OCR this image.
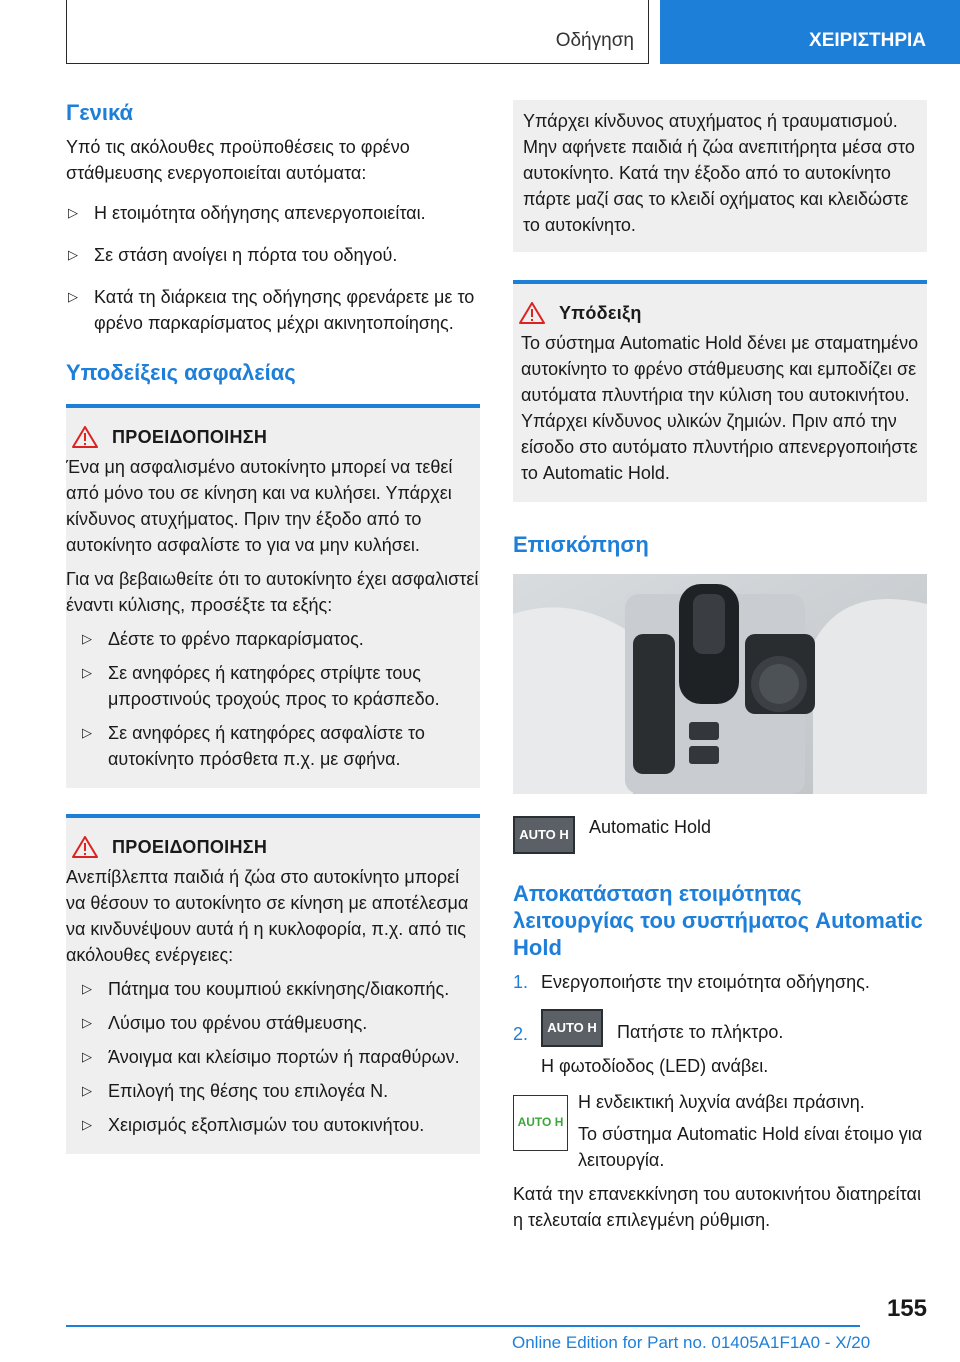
Οδήγηση	ΧΕΙΡΙΣΤΗΡΙΑ
Γενικά

Υπό τις ακόλουθες προϋποθέσεις το φρένο στάθμευσης ενεργοποιείται αυτόματα:

▷ Η ετοιμότητα οδήγησης απενεργοποιείται.
▷ Σε στάση ανοίγει η πόρτα του οδηγού.
▷ Κατά τη διάρκεια της οδήγησης φρενάρετε με το φρένο παρκαρίσματος μέχρι ακινητοποίησης.
Υποδείξεις ασφαλείας
ΠΡΟΕΙΔΟΠΟΙΗΣΗ

Ένα μη ασφαλισμένο αυτοκίνητο μπορεί να τεθεί από μόνο του σε κίνηση και να κυλήσει. Υπάρχει κίνδυνος ατυχήματος. Πριν την έξοδο από το αυτοκίνητο ασφαλίστε το για να μην κυλήσει.

Για να βεβαιωθείτε ότι το αυτοκίνητο έχει ασφαλιστεί έναντι κύλισης, προσέξτε τα εξής:

▷ Δέστε το φρένο παρκαρίσματος.
▷ Σε ανηφόρες ή κατηφόρες στρίψτε τους μπροστινούς τροχούς προς το κράσπεδο.
▷ Σε ανηφόρες ή κατηφόρες ασφαλίστε το αυτοκίνητο πρόσθετα π.χ. με σφήνα.
ΠΡΟΕΙΔΟΠΟΙΗΣΗ

Ανεπίβλεπτα παιδιά ή ζώα στο αυτοκίνητο μπορεί να θέσουν το αυτοκίνητο σε κίνηση με αποτέλεσμα να κινδυνέψουν αυτά ή η κυκλοφορία, π.χ. από τις ακόλουθες ενέργειες:

▷ Πάτημα του κουμπιού εκκίνησης/διακοπής.
▷ Λύσιμο του φρένου στάθμευσης.
▷ Άνοιγμα και κλείσιμο πορτών ή παραθύρων.
▷ Επιλογή της θέσης του επιλογέα N.
▷ Χειρισμός εξοπλισμών του αυτοκινήτου.

Υπάρχει κίνδυνος ατυχήματος ή τραυματισμού. Μην αφήνετε παιδιά ή ζώα ανεπιτήρητα μέσα στο αυτοκίνητο. Κατά την έξοδο από το αυτοκίνητο πάρτε μαζί σας το κλειδί οχήματος και κλειδώστε το αυτοκίνητο.

Υπόδειξη

Το σύστημα Automatic Hold δένει με σταματημένο αυτοκίνητο το φρένο στάθμευσης και εμποδίζει σε αυτόματα πλυντήρια την κύλιση του αυτοκινήτου. Υπάρχει κίνδυνος υλικών ζημιών. Πριν από την είσοδο στο αυτόματο πλυντήριο απενεργοποιήστε το Automatic Hold.

Επισκόπηση
AUTO H	Automatic Hold

Αποκατάσταση ετοιμότητας λειτουργίας του συστήματος Automatic Hold
1. Ενεργοποιήστε την ετοιμότητα οδήγησης.
2.	AUTO H	Πατήστε το πλήκτρο.

Η φωτοδίοδος (LED) ανάβει.

AUTO H

Η ενδεικτική λυχνία ανάβει πράσινη.

Το σύστημα Automatic Hold είναι έτοιμο για λειτουργία.

Κατά την επανεκκίνηση του αυτοκινήτου διατηρείται η τελευταία επιλεγμένη ρύθμιση.

155
Online Edition for Part no. 01405A1F1A0 - X/20
